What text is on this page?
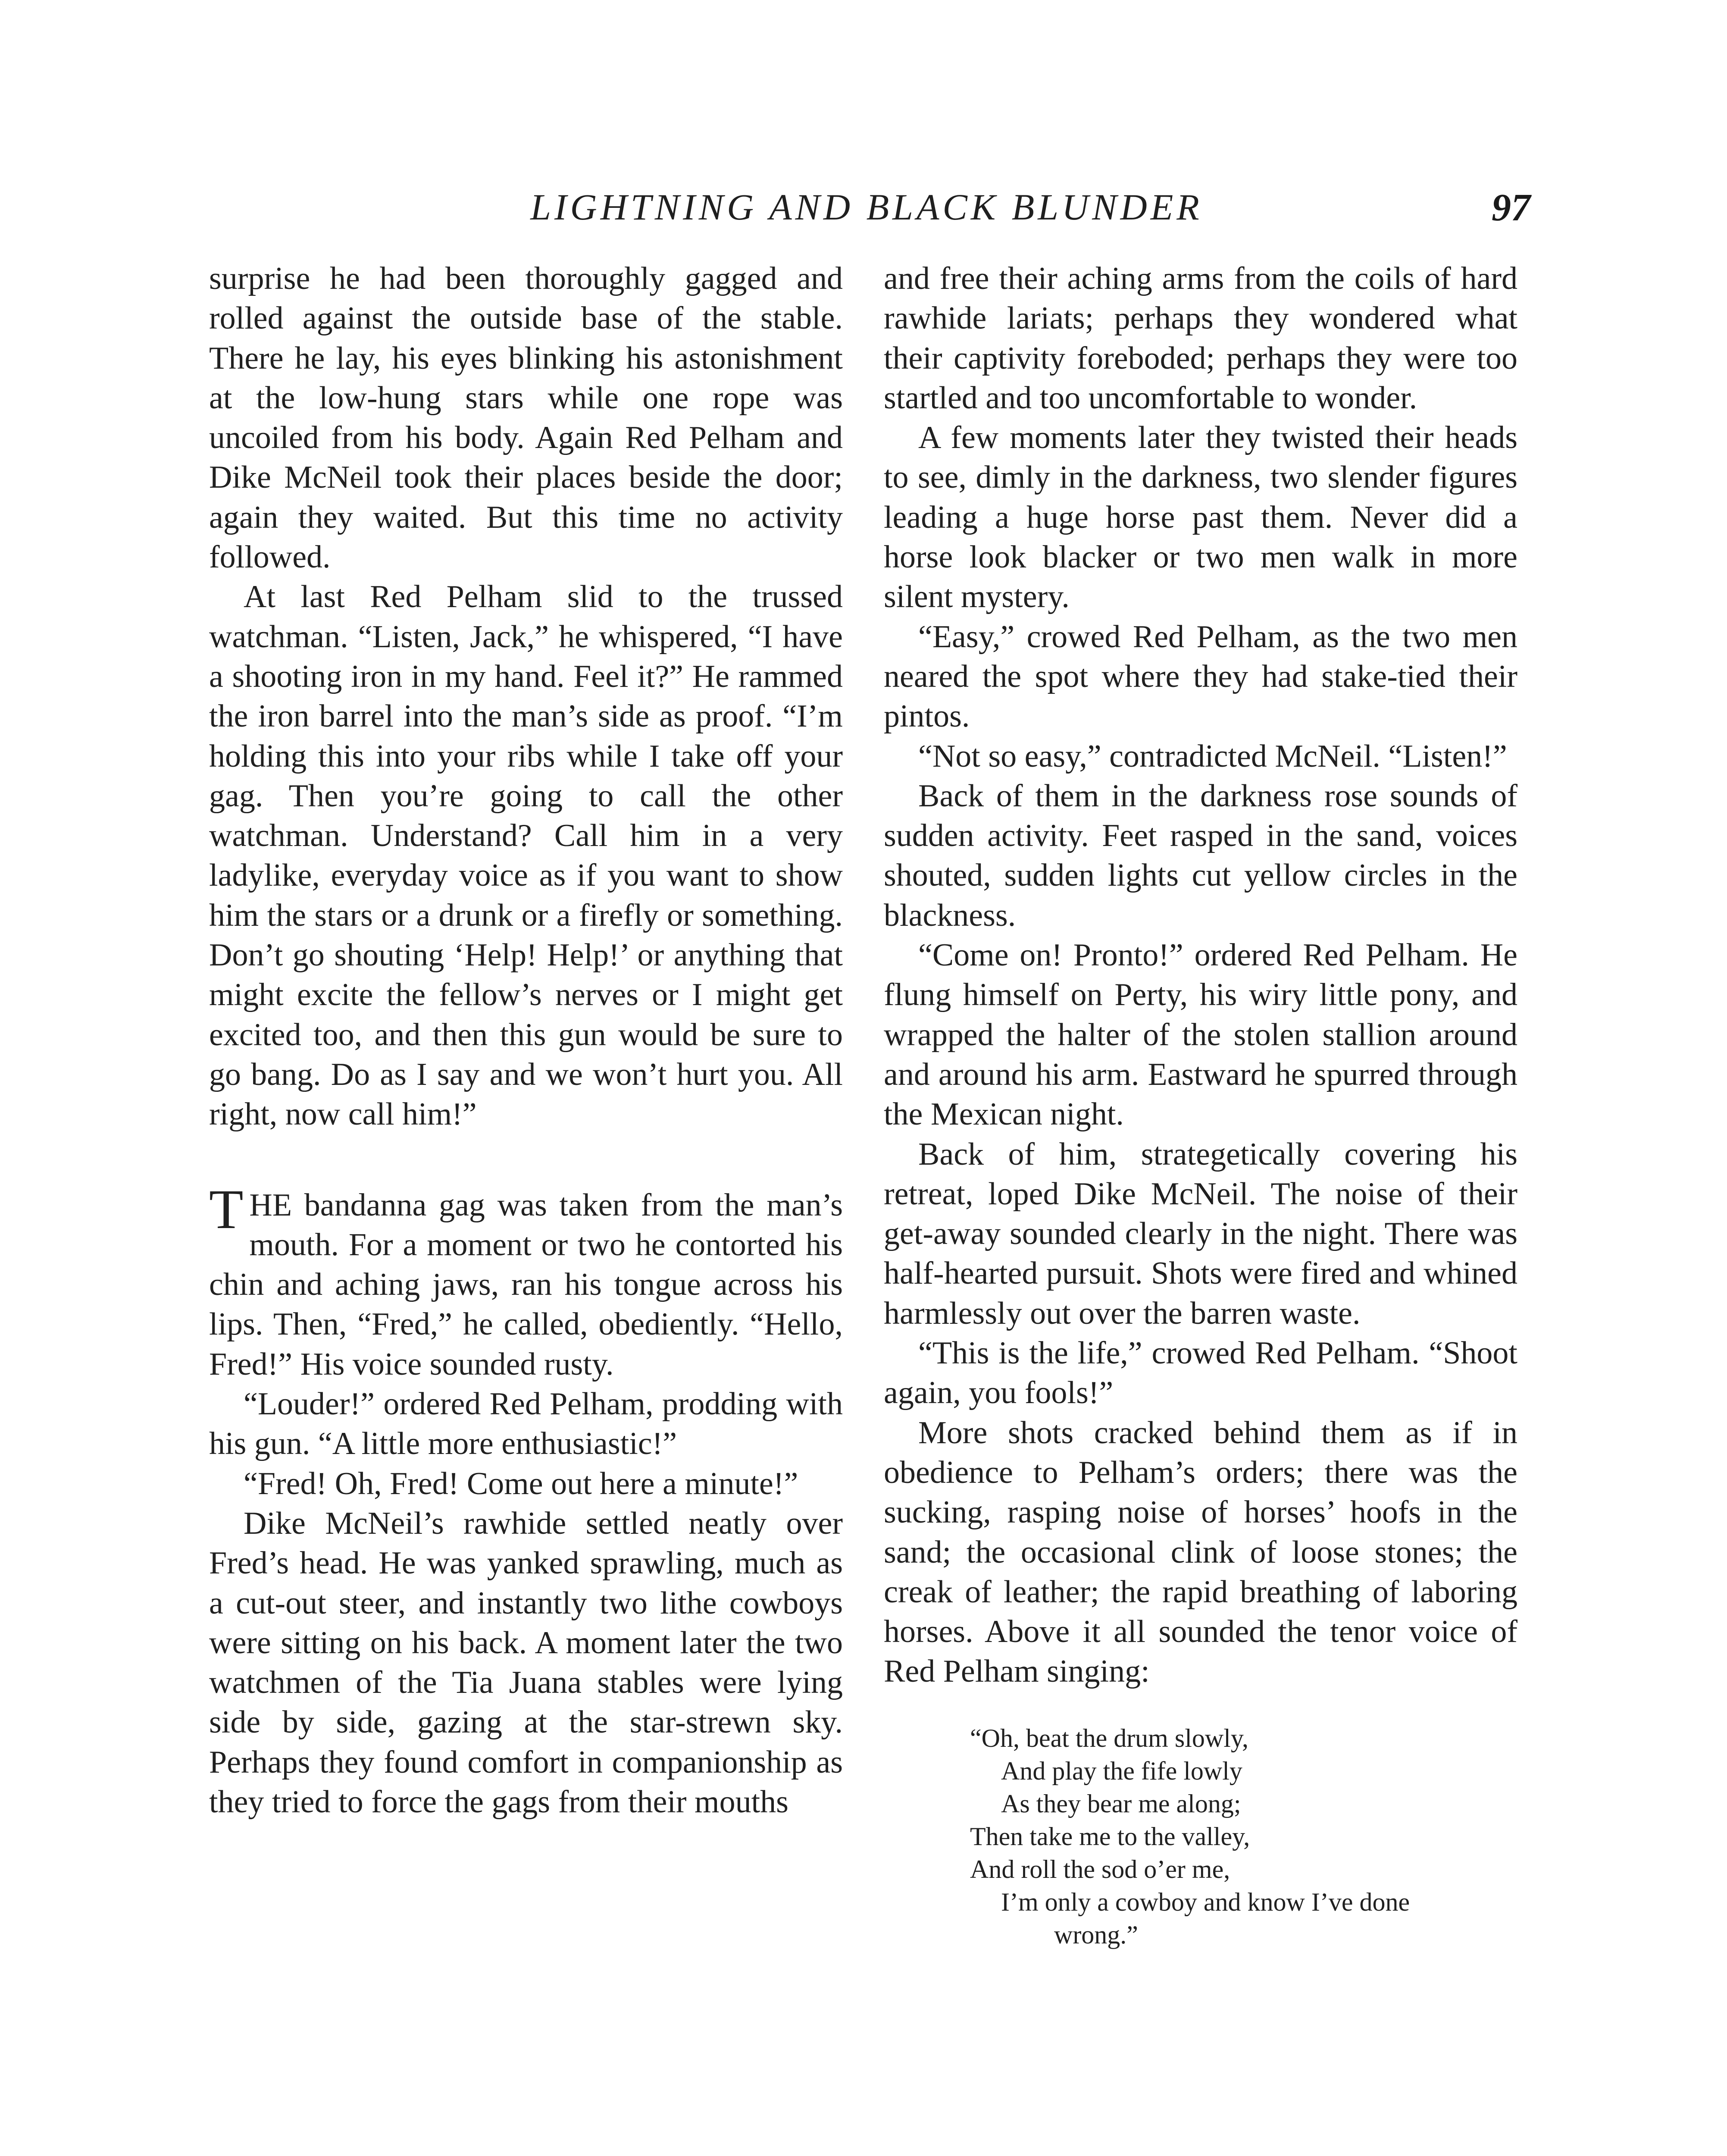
LIGHTNING AND BLACK BLUNDER	97

surprise he had been thoroughly gagged and rolled against the outside base of the stable. There he lay, his eyes blinking his astonishment at the low-hung stars while one rope was uncoiled from his body. Again Red Pelham and Dike McNeil took their places beside the door; again they waited. But this time no activity followed.

At last Red Pelham slid to the trussed watchman. “Listen, Jack,” he whispered, “I have a shooting iron in my hand. Feel it?” He rammed the iron barrel into the man’s side as proof. “I’m holding this into your ribs while I take off your gag. Then you’re going to call the other watchman. Understand? Call him in a very ladylike, everyday voice as if you want to show him the stars or a drunk or a firefly or something. Don’t go shouting ‘Help! Help!’ or anything that might excite the fellow’s nerves or I might get excited too, and then this gun would be sure to go bang. Do as I say and we won’t hurt you. All right, now call him!”

THE bandanna gag was taken from the man’s mouth. For a moment or two he contorted his chin and aching jaws, ran his tongue across his lips. Then, “Fred,” he called, obediently. “Hello, Fred!” His voice sounded rusty.

“Louder!” ordered Red Pelham, prodding with his gun. “A little more enthusiastic!”

“Fred! Oh, Fred! Come out here a minute!”

Dike McNeil’s rawhide settled neatly over Fred’s head. He was yanked sprawling, much as a cut-out steer, and instantly two lithe cowboys were sitting on his back. A moment later the two watchmen of the Tia Juana stables were lying side by side, gazing at the star-strewn sky. Perhaps they found comfort in companionship as they tried to force the gags from their mouths

and free their aching arms from the coils of hard rawhide lariats; perhaps they wondered what their captivity foreboded; perhaps they were too startled and too uncomfortable to wonder.

A few moments later they twisted their heads to see, dimly in the darkness, two slender figures leading a huge horse past them. Never did a horse look blacker or two men walk in more silent mystery.

“Easy,” crowed Red Pelham, as the two men neared the spot where they had stake-tied their pintos.

“Not so easy,” contradicted McNeil. “Listen!”

Back of them in the darkness rose sounds of sudden activity. Feet rasped in the sand, voices shouted, sudden lights cut yellow circles in the blackness.

“Come on! Pronto!” ordered Red Pelham. He flung himself on Perty, his wiry little pony, and wrapped the halter of the stolen stallion around and around his arm. Eastward he spurred through the Mexican night.

Back of him, strategetically covering his retreat, loped Dike McNeil. The noise of their get-away sounded clearly in the night. There was half-hearted pursuit. Shots were fired and whined harmlessly out over the barren waste.

“This is the life,” crowed Red Pelham. “Shoot again, you fools!”

More shots cracked behind them as if in obedience to Pelham’s orders; there was the sucking, rasping noise of horses’ hoofs in the sand; the occasional clink of loose stones; the creak of leather; the rapid breathing of laboring horses. Above it all sounded the tenor voice of Red Pelham singing:

“Oh, beat the drum slowly,
And play the fife lowly
As they bear me along;
Then take me to the valley,
And roll the sod o’er me,
I’m only a cowboy and know I’ve done
wrong.”
